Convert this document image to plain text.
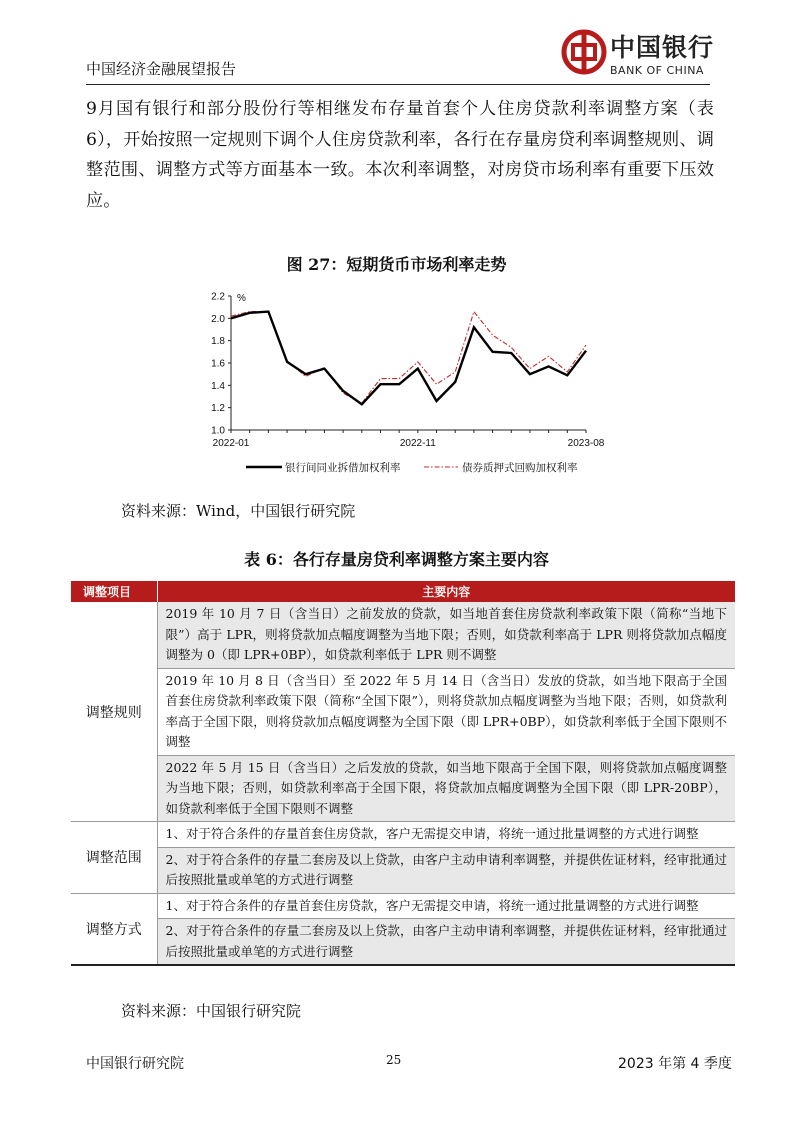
中国经济金融展望报告
中国银行
BANK OF CHINA
9月国有银行和部分股份行等相继发布存量首套个人住房贷款利率调整方案（表6），开始按照一定规则下调个人住房贷款利率，各行在存量房贷利率调整规则、调整范围、调整方式等方面基本一致。本次利率调整，对房贷市场利率有重要下压效应。
图 27：短期货币市场利率走势
1.0
1.2
1.4
1.6
1.8
2.0
2.2
2022-01	2022-11	2023-08
%
银行间同业拆借加权利率	债券质押式回购加权利率
资料来源：Wind，中国银行研究院
表 6：各行存量房贷利率调整方案主要内容
调整项目	主要内容
调整规则	2019 年 10 月 7 日（含当日）之前发放的贷款，如当地首套住房贷款利率政策下限（简称“当地下限”）高于 LPR，则将贷款加点幅度调整为当地下限；否则，如贷款利率高于 LPR 则将贷款加点幅度调整为 0（即 LPR+0BP），如贷款利率低于 LPR 则不调整
	2019 年 10 月 8 日（含当日）至 2022 年 5 月 14 日（含当日）发放的贷款，如当地下限高于全国首套住房贷款利率政策下限（简称“全国下限”），则将贷款加点幅度调整为当地下限；否则，如贷款利率高于全国下限，则将贷款加点幅度调整为全国下限（即 LPR+0BP），如贷款利率低于全国下限则不调整
	2022 年 5 月 15 日（含当日）之后发放的贷款，如当地下限高于全国下限，则将贷款加点幅度调整为当地下限；否则，如贷款利率高于全国下限，将贷款加点幅度调整为全国下限（即 LPR-20BP），如贷款利率低于全国下限则不调整
调整范围	1、对于符合条件的存量首套住房贷款，客户无需提交申请，将统一通过批量调整的方式进行调整
	2、对于符合条件的存量二套房及以上贷款，由客户主动申请利率调整，并提供佐证材料，经审批通过后按照批量或单笔的方式进行调整
调整方式	1、对于符合条件的存量首套住房贷款，客户无需提交申请，将统一通过批量调整的方式进行调整
	2、对于符合条件的存量二套房及以上贷款，由客户主动申请利率调整，并提供佐证材料，经审批通过后按照批量或单笔的方式进行调整
资料来源：中国银行研究院
中国银行研究院	25	2023 年第 4 季度
